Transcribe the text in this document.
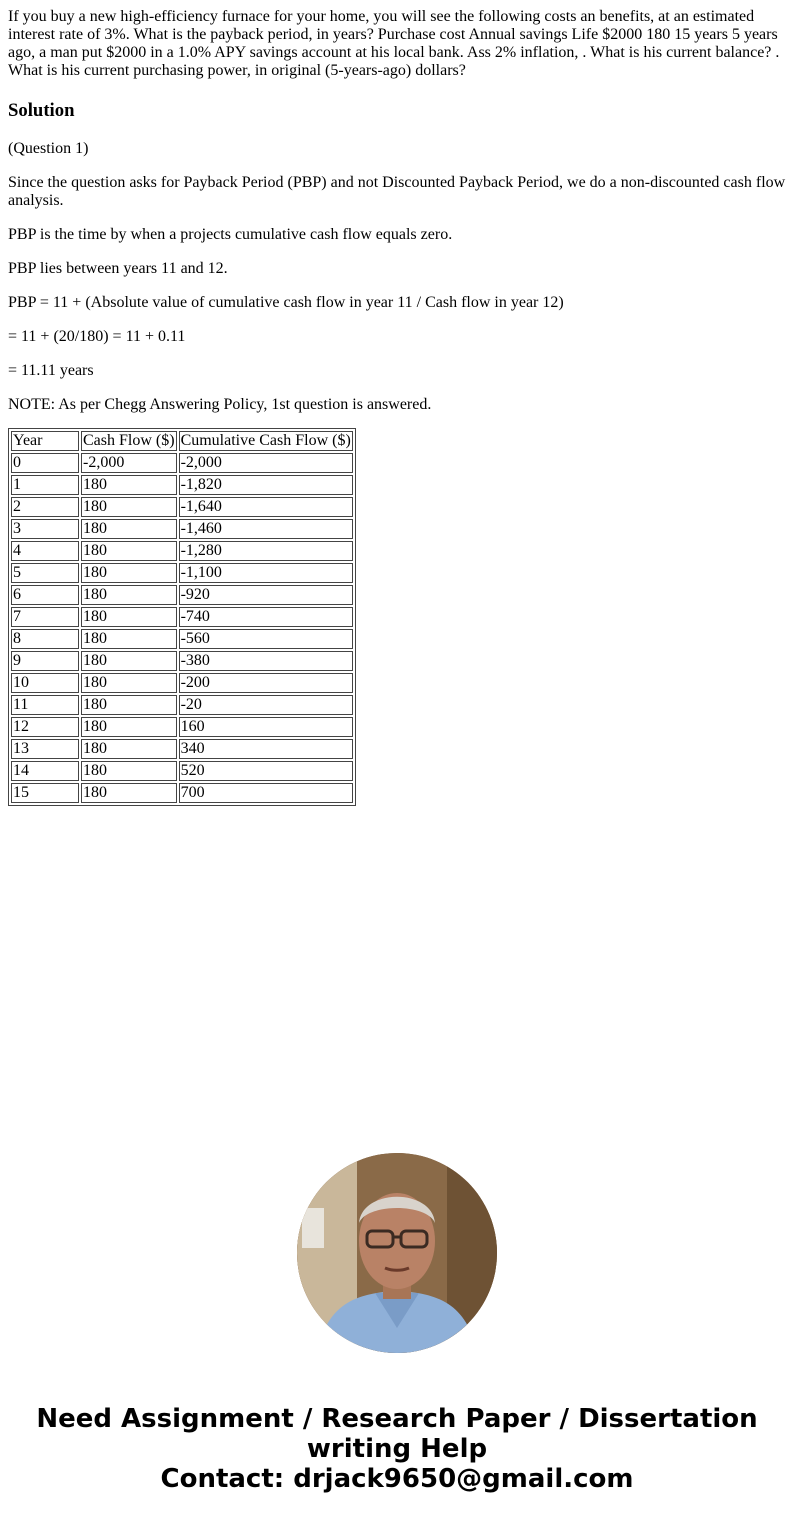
If you buy a new high-efficiency furnace for your home, you will see the following costs an benefits, at an estimated interest rate of 3%. What is the payback period, in years? Purchase cost Annual savings Life $2000 180 15 years 5 years ago, a man put $2000 in a 1.0% APY savings account at his local bank. Ass 2% inflation, . What is his current balance? . What is his current purchasing power, in original (5-years-ago) dollars?
Solution

(Question 1)

Since the question asks for Payback Period (PBP) and not Discounted Payback Period, we do a non-discounted cash flow analysis.

PBP is the time by when a projects cumulative cash flow equals zero.

PBP lies between years 11 and 12.

PBP = 11 + (Absolute value of cumulative cash flow in year 11 / Cash flow in year 12)

= 11 + (20/180) = 11 + 0.11

= 11.11 years

NOTE: As per Chegg Answering Policy, 1st question is answered.

Year	Cash Flow ($)	Cumulative Cash Flow ($)
0	-2,000	-2,000
1	180	-1,820
2	180	-1,640
3	180	-1,460
4	180	-1,280
5	180	-1,100
6	180	-920
7	180	-740
8	180	-560
9	180	-380
10	180	-200
11	180	-20
12	180	160
13	180	340
14	180	520
15	180	700
Need Assignment / Research Paper / Dissertation
writing Help
Contact: drjack9650@gmail.com
